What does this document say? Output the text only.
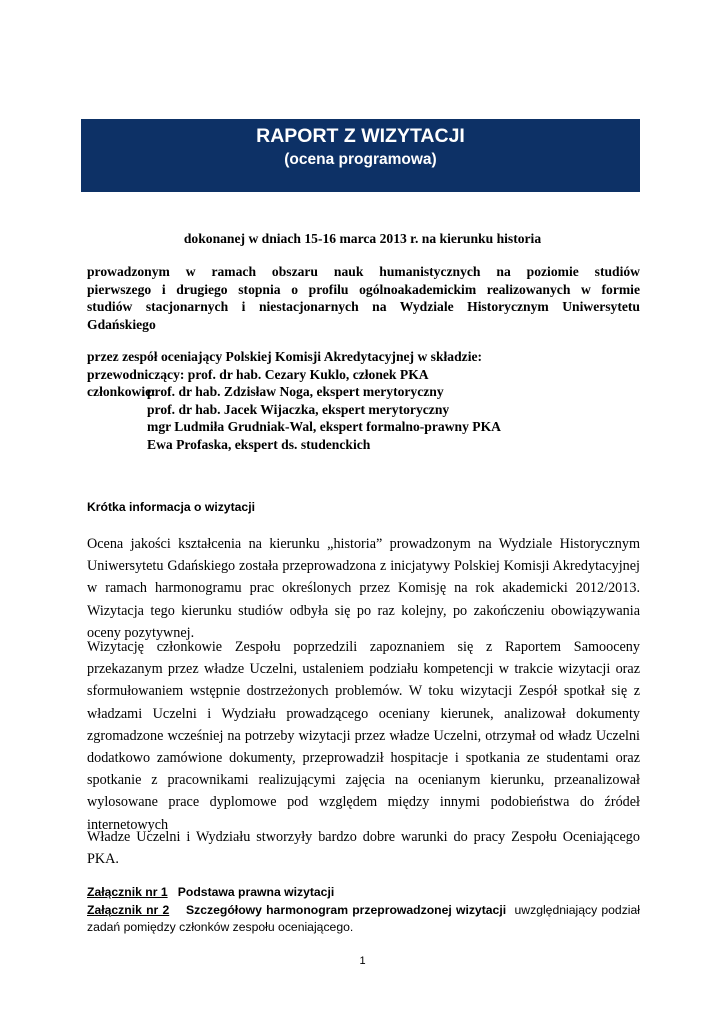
RAPORT Z WIZYTACJI
(ocena programowa)
dokonanej w dniach 15-16 marca 2013 r. na kierunku historia
prowadzonym w ramach obszaru nauk humanistycznych na poziomie studiów
pierwszego i drugiego stopnia o profilu ogólnoakademickim realizowanych w formie
studiów stacjonarnych i niestacjonarnych na Wydziale Historycznym Uniwersytetu
Gdańskiego
przez zespół oceniający Polskiej Komisji Akredytacyjnej w składzie:
przewodniczący: prof. dr hab. Cezary Kuklo, członek PKA
członkowie:
prof. dr hab. Zdzisław Noga, ekspert merytoryczny
prof. dr hab. Jacek Wijaczka, ekspert merytoryczny
mgr Ludmiła Grudniak-Wal, ekspert formalno-prawny PKA
Ewa Profaska, ekspert ds. studenckich
Krótka informacja o wizytacji
Ocena jakości kształcenia na kierunku „historia” prowadzonym na Wydziale Historycznym Uniwersytetu Gdańskiego została przeprowadzona z inicjatywy Polskiej Komisji Akredytacyjnej w ramach harmonogramu prac określonych przez Komisję na rok akademicki 2012/2013. Wizytacja tego kierunku studiów odbyła się po raz kolejny, po zakończeniu obowiązywania oceny pozytywnej.
Wizytację członkowie Zespołu poprzedzili zapoznaniem się z Raportem Samooceny przekazanym przez władze Uczelni, ustaleniem podziału kompetencji w trakcie wizytacji oraz sformułowaniem wstępnie dostrzeżonych problemów. W toku wizytacji Zespół spotkał się z władzami Uczelni i Wydziału prowadzącego oceniany kierunek, analizował dokumenty zgromadzone wcześniej na potrzeby wizytacji przez władze Uczelni, otrzymał od władz Uczelni dodatkowo zamówione dokumenty, przeprowadził hospitacje i spotkania ze studentami oraz spotkanie z pracownikami realizującymi zajęcia na ocenianym kierunku, przeanalizował wylosowane prace dyplomowe pod względem między innymi podobieństwa do źródeł internetowych
Władze Uczelni i Wydziału stworzyły bardzo dobre warunki do pracy Zespołu Oceniającego PKA.
Załącznik nr 1 Podstawa prawna wizytacji
Załącznik nr 2 Szczegółowy harmonogram przeprowadzonej wizytacji uwzględniający podział zadań pomiędzy członków zespołu oceniającego.
1
